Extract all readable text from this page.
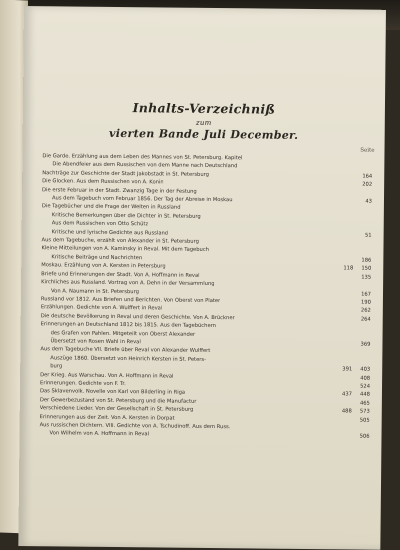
Inhalts-Verzeichniß
zum
vierten Bande Juli December.
Seite
Die Garde. Erzählung aus dem Leben des Mannes von St. Petersburg. Kapitel
Die Abendfeier aus dem Russischen von dem Manne nach Deutschland
Nachträge zur Geschichte der Stadt Jakobstadt in St. Petersburg	164
Die Glocken. Aus dem Russischen von A. Konin	202
Die erste Februar in der Stadt. Zwanzig Tage in der Festung
Aus dem Tagebuch vom Februar 1856. Der Tag der Abreise in Moskau	43
Die Tagebücher und die Frage der Welten in Russland
Kritische Bemerkungen über die Dichter in St. Petersburg
Aus dem Russischen von Otto Schütz
Kritische und lyrische Gedichte aus Russland	51
Aus dem Tagebuche, erzählt von Alexander in St. Petersburg
Kleine Mitteilungen von A. Kaminsky in Reval. Mit dem Tagebuch
Kritische Beiträge und Nachrichten	186
Moskau. Erzählung von A. Kersten in Petersburg	118 150
Briefe und Erinnerungen der Stadt. Von A. Hoffmann in Reval	135
Kirchliches aus Russland. Vortrag von A. Dehn in der Versammlung
Von A. Naumann in St. Petersburg	167
Russland vor 1812. Aus Briefen und Berichten. Von Oberst von Plater	190
Erzählungen. Gedichte von A. Wulffert in Reval	262
Die deutsche Bevölkerung in Reval und deren Geschichte. Von A. Brückner	264
Erinnerungen an Deutschland 1812 bis 1815. Aus den Tagebüchern
des Grafen von Pahlen. Mitgeteilt von Oberst Alexander
Übersetzt von Rosen Wahl in Reval	369
Aus dem Tagebuche VII. Briefe über Reval von Alexander Wulffert
Auszüge 1860. Übersetzt von Heinrich Kersten in St. Peters-
burg	391 403
Der Krieg. Aus Warschau. Von A. Hoffmann in Reval	408
Erinnerungen. Gedichte von F. Tr.	524
Das Sklavenvolk. Novelle von Karl von Bilderling in Riga	437 448
Der Gewerbezustand von St. Petersburg und die Manufactur	465
Verschiedene Lieder. Von der Gesellschaft in St. Petersburg	488 573
Erinnerungen aus der Zeit. Von A. Kersten in Dorpat	505
Aus russischen Dichtern. VIII. Gedichte von A. Tschudinoff. Aus dem Russ.
Von Wilhelm von A. Hoffmann in Reval	506
